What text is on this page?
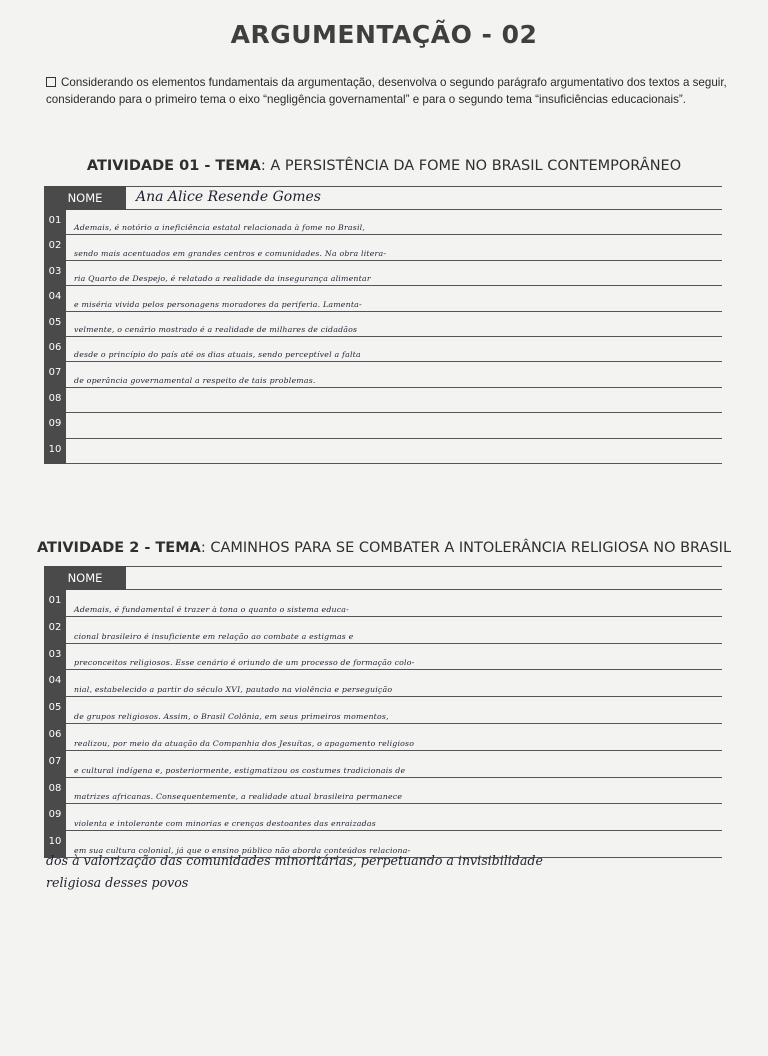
ARGUMENTAÇÃO - 02
Considerando os elementos fundamentais da argumentação, desenvolva o segundo parágrafo argumentativo dos textos a seguir, considerando para o primeiro tema o eixo “negligência governamental” e para o segundo tema “insuficiências educacionais”.
ATIVIDADE 01 - TEMA: A PERSISTÊNCIA DA FOME NO BRASIL CONTEMPORÂNEO
NOME	Ana Alice Resende Gomes
01
Ademais, é notório a ineficiência estatal relacionada à fome no Brasil,
02
sendo mais acentuados em grandes centros e comunidades. Na obra litera-
03
ria Quarto de Despejo, é relatado a realidade da insegurança alimentar
04
e miséria vivida pelos personagens moradores da periferia. Lamenta-
05
velmente, o cenário mostrado é a realidade de milhares de cidadãos
06
desde o princípio do país até os dias atuais, sendo perceptível a falta
07
de operância governamental a respeito de tais problemas.
08
09
10
ATIVIDADE 2 - TEMA: CAMINHOS PARA SE COMBATER A INTOLERÂNCIA RELIGIOSA NO BRASIL
NOME
01
Ademais, é fundamental é trazer à tona o quanto o sistema educa-
02
cional brasileiro é insuficiente em relação ao combate a estigmas e
03
preconceitos religiosos. Esse cenário é oriundo de um processo de formação colo-
04
nial, estabelecido a partir do século XVI, pautado na violência e perseguição
05
de grupos religiosos. Assim, o Brasil Colônia, em seus primeiros momentos,
06
realizou, por meio da atuação da Companhia dos Jesuítas, o apagamento religioso
07
e cultural indígena e, posteriormente, estigmatizou os costumes tradicionais de
08
matrizes africanas. Consequentemente, a realidade atual brasileira permanece
09
violenta e intolerante com minorias e crenças destoantes das enraizadas
10
em sua cultura colonial, já que o ensino público não aborda conteúdos relaciona-
dos à valorização das comunidades minoritárias, perpetuando a invisibilidade
religiosa desses povos
